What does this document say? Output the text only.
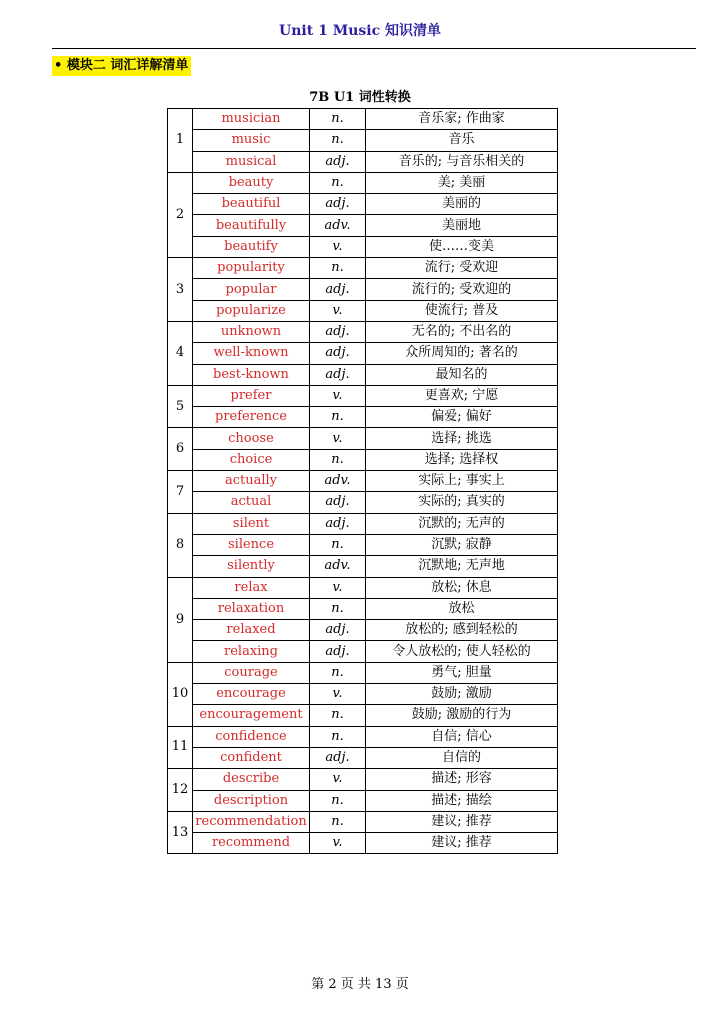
Unit 1 Music 知识清单
• 模块二 词汇详解清单
7B U1 词性转换
1	musician	n.	音乐家; 作曲家
	music	n.	音乐
	musical	adj.	音乐的; 与音乐相关的
2	beauty	n.	美; 美丽
	beautiful	adj.	美丽的
	beautifully	adv.	美丽地
	beautify	v.	使……变美
3	popularity	n.	流行; 受欢迎
	popular	adj.	流行的; 受欢迎的
	popularize	v.	使流行; 普及
4	unknown	adj.	无名的; 不出名的
	well-known	adj.	众所周知的; 著名的
	best-known	adj.	最知名的
5	prefer	v.	更喜欢; 宁愿
	preference	n.	偏爱; 偏好
6	choose	v.	选择; 挑选
	choice	n.	选择; 选择权
7	actually	adv.	实际上; 事实上
	actual	adj.	实际的; 真实的
8	silent	adj.	沉默的; 无声的
	silence	n.	沉默; 寂静
	silently	adv.	沉默地; 无声地
9	relax	v.	放松; 休息
	relaxation	n.	放松
	relaxed	adj.	放松的; 感到轻松的
	relaxing	adj.	令人放松的; 使人轻松的
10	courage	n.	勇气; 胆量
	encourage	v.	鼓励; 激励
	encouragement	n.	鼓励; 激励的行为
11	confidence	n.	自信; 信心
	confident	adj.	自信的
12	describe	v.	描述; 形容
	description	n.	描述; 描绘
13	recommendation	n.	建议; 推荐
	recommend	v.	建议; 推荐
第 2 页 共 13 页
